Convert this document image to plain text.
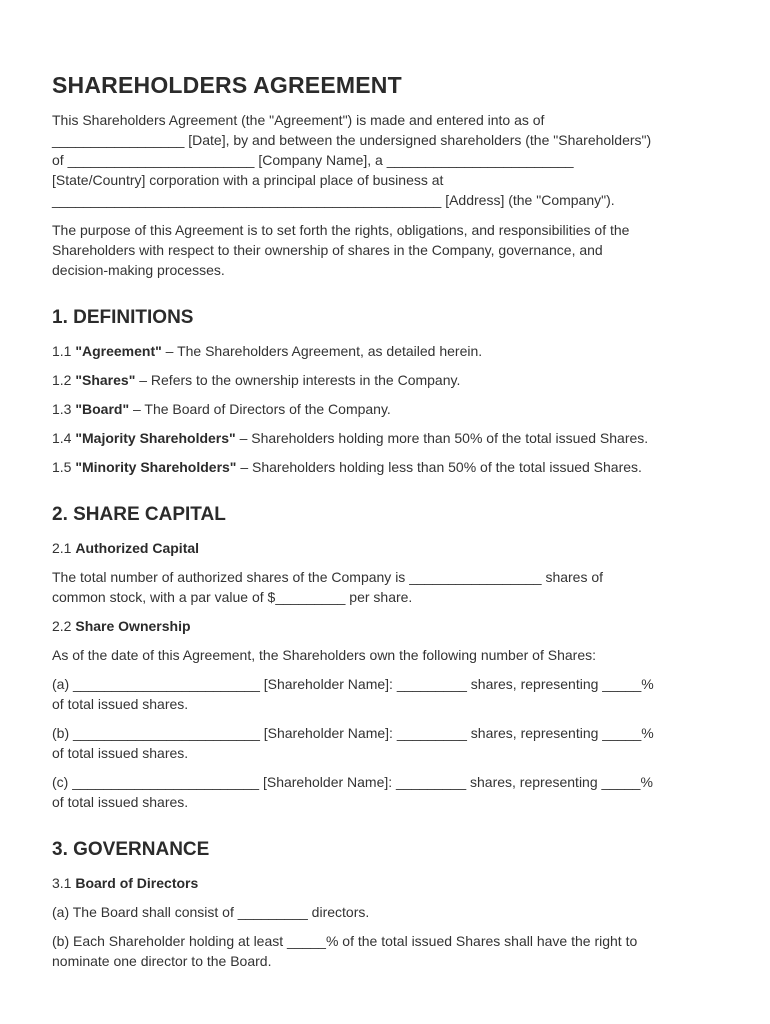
SHAREHOLDERS AGREEMENT

This Shareholders Agreement (the "Agreement") is made and entered into as of

_________________ [Date], by and between the undersigned shareholders (the "Shareholders")

of ________________________ [Company Name], a ________________________

[State/Country] corporation with a principal place of business at

__________________________________________________ [Address] (the "Company").

The purpose of this Agreement is to set forth the rights, obligations, and responsibilities of the

Shareholders with respect to their ownership of shares in the Company, governance, and

decision-making processes.

1. DEFINITIONS

1.1 "Agreement" – The Shareholders Agreement, as detailed herein.

1.2 "Shares" – Refers to the ownership interests in the Company.

1.3 "Board" – The Board of Directors of the Company.

1.4 "Majority Shareholders" – Shareholders holding more than 50% of the total issued Shares.

1.5 "Minority Shareholders" – Shareholders holding less than 50% of the total issued Shares.

2. SHARE CAPITAL

2.1 Authorized Capital

The total number of authorized shares of the Company is _________________ shares of

common stock, with a par value of $_________ per share.

2.2 Share Ownership

As of the date of this Agreement, the Shareholders own the following number of Shares:

(a) ________________________ [Shareholder Name]: _________ shares, representing _____%

of total issued shares.

(b) ________________________ [Shareholder Name]: _________ shares, representing _____%

of total issued shares.

(c) ________________________ [Shareholder Name]: _________ shares, representing _____%

of total issued shares.

3. GOVERNANCE

3.1 Board of Directors

(a) The Board shall consist of _________ directors.

(b) Each Shareholder holding at least _____% of the total issued Shares shall have the right to

nominate one director to the Board.
